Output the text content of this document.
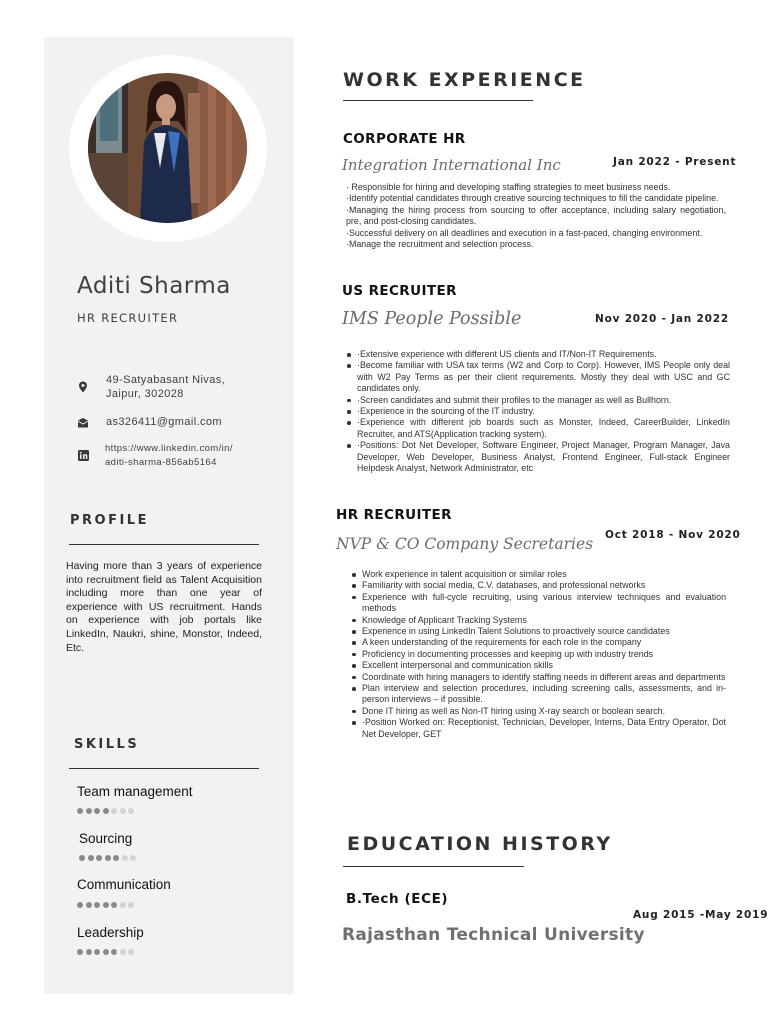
Aditi Sharma
HR RECRUITER
49-Satyabasant Nivas,
Jaipur, 302028
as326411@gmail.com
https://www.linkedin.com/in/
aditi-sharma-856ab5164
PROFILE
Having more than 3 years of experience into recruitment field as Talent Acquisition including more than one year of experience with US recruitment. Hands on experience with job portals like LinkedIn, Naukri, shine, Monstor, Indeed, Etc.
SKILLS
Team management
Sourcing
Communication
Leadership
WORK EXPERIENCE
CORPORATE HR
Integration International Inc	Jan 2022 - Present

· Responsible for hiring and developing staffing strategies to meet business needs.

·Identify potential candidates through creative sourcing techniques to fill the candidate pipeline.

·Managing the hiring process from sourcing to offer acceptance, including salary negotiation, pre, and post-closing candidates.

·Successful delivery on all deadlines and execution in a fast-paced, changing environment.

·Manage the recruitment and selection process.

US RECRUITER
IMS People Possible	Nov 2020 - Jan 2022
·Extensive experience with different US clients and IT/Non-IT Requirements.
·Become familiar with USA tax terms (W2 and Corp to Corp). However, IMS People only deal with W2 Pay Terms as per their client requirements. Mostly they deal with USC and GC candidates only.
·Screen candidates and submit their profiles to the manager as well as Bullhorn.
·Experience in the sourcing of the IT industry.
·Experience with different job boards such as Monster, Indeed, CareerBuilder, LinkedIn Recruiter, and ATS(Application tracking system).
·Positions: Dot Net Developer, Software Engineer, Project Manager, Program Manager, Java Developer, Web Developer, Business Analyst, Frontend Engineer, Full-stack Engineer Helpdesk Analyst, Network Administrator, etc
HR RECRUITER
NVP & CO Company Secretaries Oct 2018 - Nov 2020
Work experience in talent acquisition or similar roles
Familiarity with social media, C.V. databases, and professional networks
Experience with full-cycle recruiting, using various interview techniques and evaluation methods
Knowledge of Applicant Tracking Systems
Experience in using LinkedIn Talent Solutions to proactively source candidates
A keen understanding of the requirements for each role in the company
Proficiency in documenting processes and keeping up with industry trends
Excellent interpersonal and communication skills
Coordinate with hiring managers to identify staffing needs in different areas and departments
Plan interview and selection procedures, including screening calls, assessments, and in-person interviews – if possible.
Done IT hiring as well as Non-IT hiring using X-ray search or boolean search.
·Position Worked on: Receptionist, Technician, Developer, Interns, Data Entry Operator, Dot Net Developer, GET
EDUCATION HISTORY
B.Tech (ECE)
Aug 2015 -May 2019
Rajasthan Technical University
